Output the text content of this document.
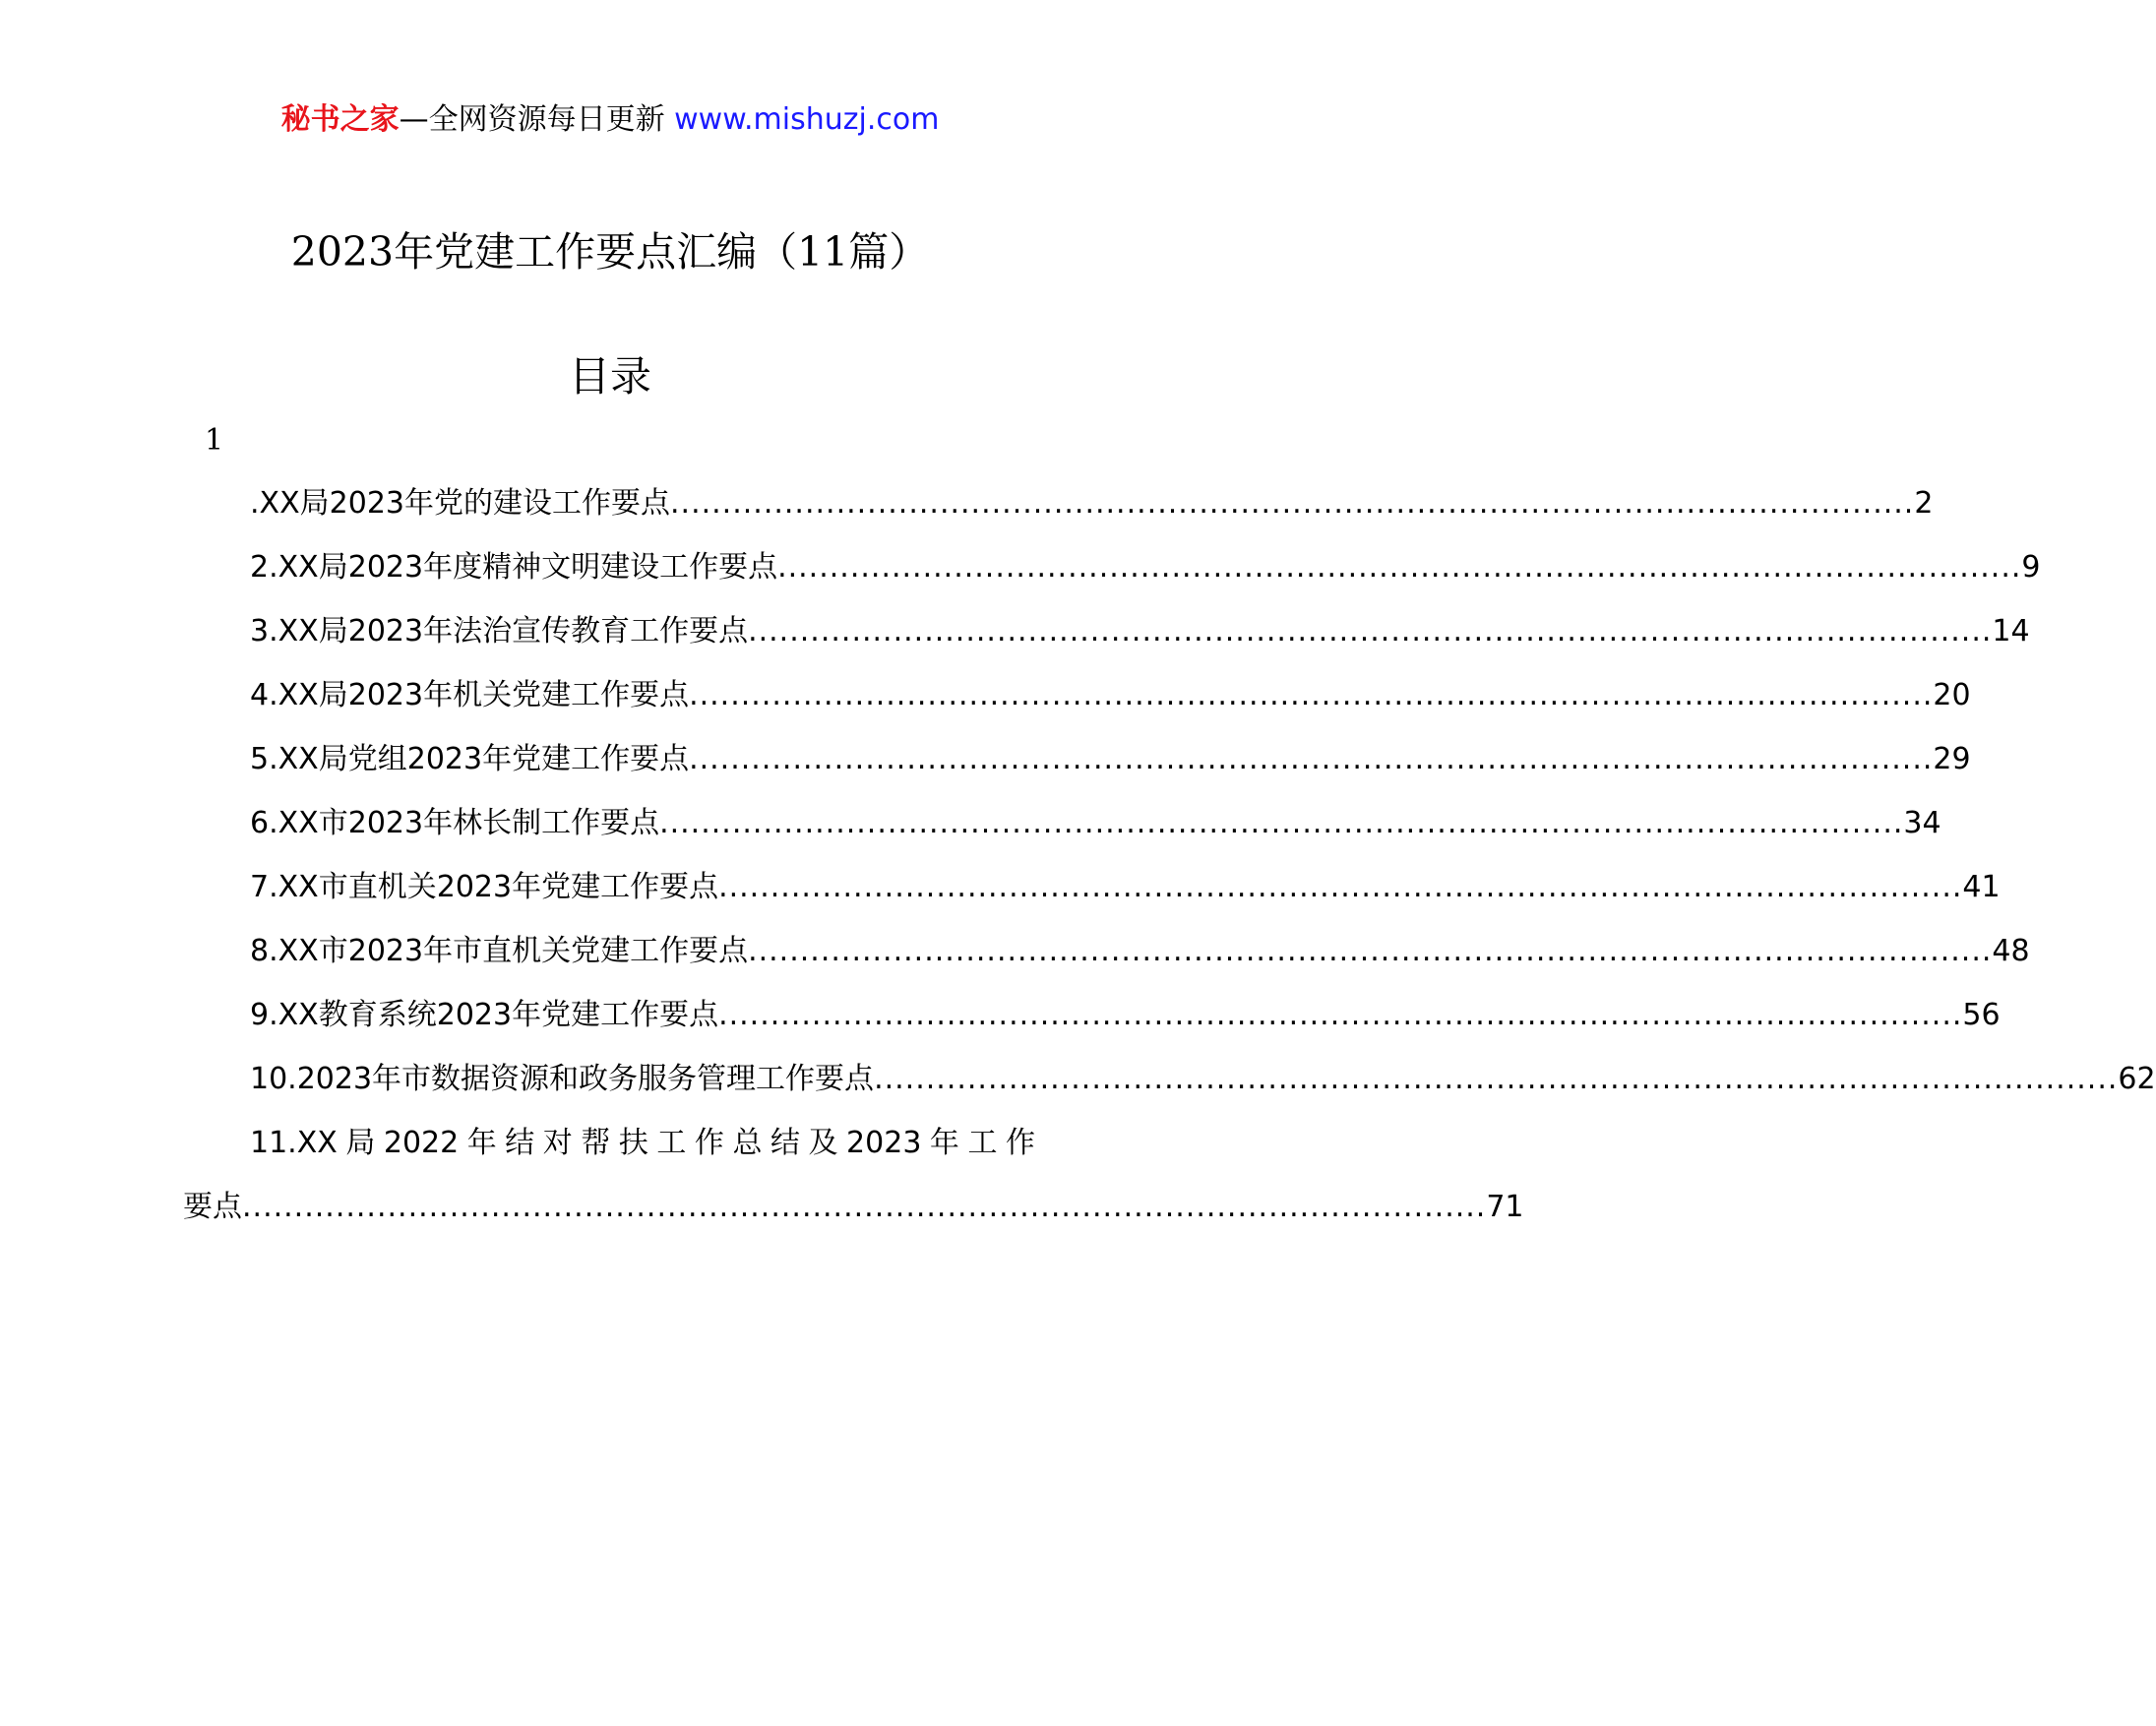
秘书之家—全网资源每日更新 www.mishuzj.com
2023年党建工作要点汇编（11篇）
目录
1
.XX局2023年党的建设工作要点 ........................................................................................................................ 2
2.XX局2023年度精神文明建设工作要点 ........................................................................................................................ 9
3.XX局2023年法治宣传教育工作要点 ........................................................................................................................ 14
4.XX局2023年机关党建工作要点 ........................................................................................................................ 20
5.XX局党组2023年党建工作要点 ........................................................................................................................ 29
6.XX市2023年林长制工作要点 ........................................................................................................................ 34
7.XX市直机关2023年党建工作要点 ........................................................................................................................ 41
8.XX市2023年市直机关党建工作要点 ........................................................................................................................ 48
9.XX教育系统2023年党建工作要点 ........................................................................................................................ 56
10.2023年市数据资源和政务服务管理工作要点 ........................................................................................................................ 62
11.XX局2022年结对帮扶工作总结及2023年工作
要点 ........................................................................................................................ 71
